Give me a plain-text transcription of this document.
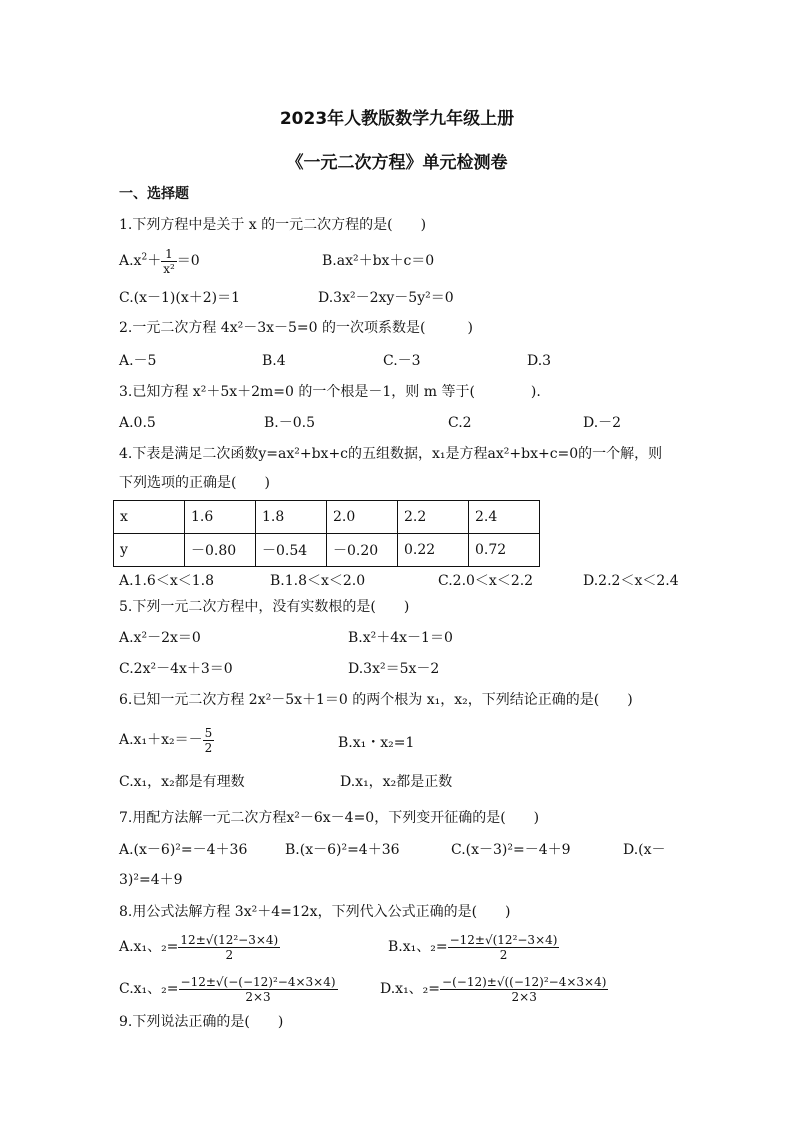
2023年人教版数学九年级上册
《一元二次方程》单元检测卷
一、选择题
1.下列方程中是关于 x 的一元二次方程的是(　　)
$A.x^2+ \frac{1}{\text{x²}} =0$	B.ax²＋bx＋c＝0
C.(x－1)(x＋2)＝1	D.3x²－2xy－5y²＝0
2.一元二次方程 4x²－3x－5=0 的一次项系数是(　　　)
A.－5	B.4	C.－3	D.3
3.已知方程 x²＋5x＋2m=0 的一个根是－1，则 m 等于(　　　　).
A.0.5	B.－0.5	C.2	D.－2
4.下表是满足二次函数y=ax²+bx+c的五组数据，x₁是方程ax²+bx+c=0的一个解，则
下列选项的正确是(　　)
x	1.6	1.8	2.0	2.2	2.4
y	－0.80	－0.54	－0.20	0.22	0.72
A.1.6＜x＜1.8	B.1.8＜x＜2.0	C.2.0＜x＜2.2	D.2.2＜x＜2.4
5.下列一元二次方程中，没有实数根的是(　　)
A.x²－2x＝0	B.x²＋4x－1＝0
C.2x²－4x＋3＝0	D.3x²＝5x－2
6.已知一元二次方程 2x²－5x＋1＝0 的两个根为 x₁，x₂，下列结论正确的是(　　)
$A.x_1+x_2=- \frac{5}{2}$	B.x₁・x₂=1
C.x₁，x₂都是有理数	D.x₁，x₂都是正数
7.用配方法解一元二次方程x²－6x－4=0，下列变开征确的是(　　)
A.(x－6)²=－4＋36	B.(x－6)²=4＋36	C.(x－3)²=－4＋9	D.(x－
3)²=4＋9
8.用公式法解方程 3x²＋4=12x，下列代入公式正确的是(　　)
A.x₁、$_2= \frac{\text{12±√(12²−3×4)}}{2}$	B.x₁、$_2= \frac{\text{−12±√(12²−3×4)}}{2}$
C.x₁、$_2= \frac{\text{−12±√(−(−12)²−4×3×4)}}{2\times 3}$	D.x₁、$_2= \frac{\text{−(−12)±√((−12)²−4×3×4)}}{2\times 3}$
9.下列说法正确的是(　　)
